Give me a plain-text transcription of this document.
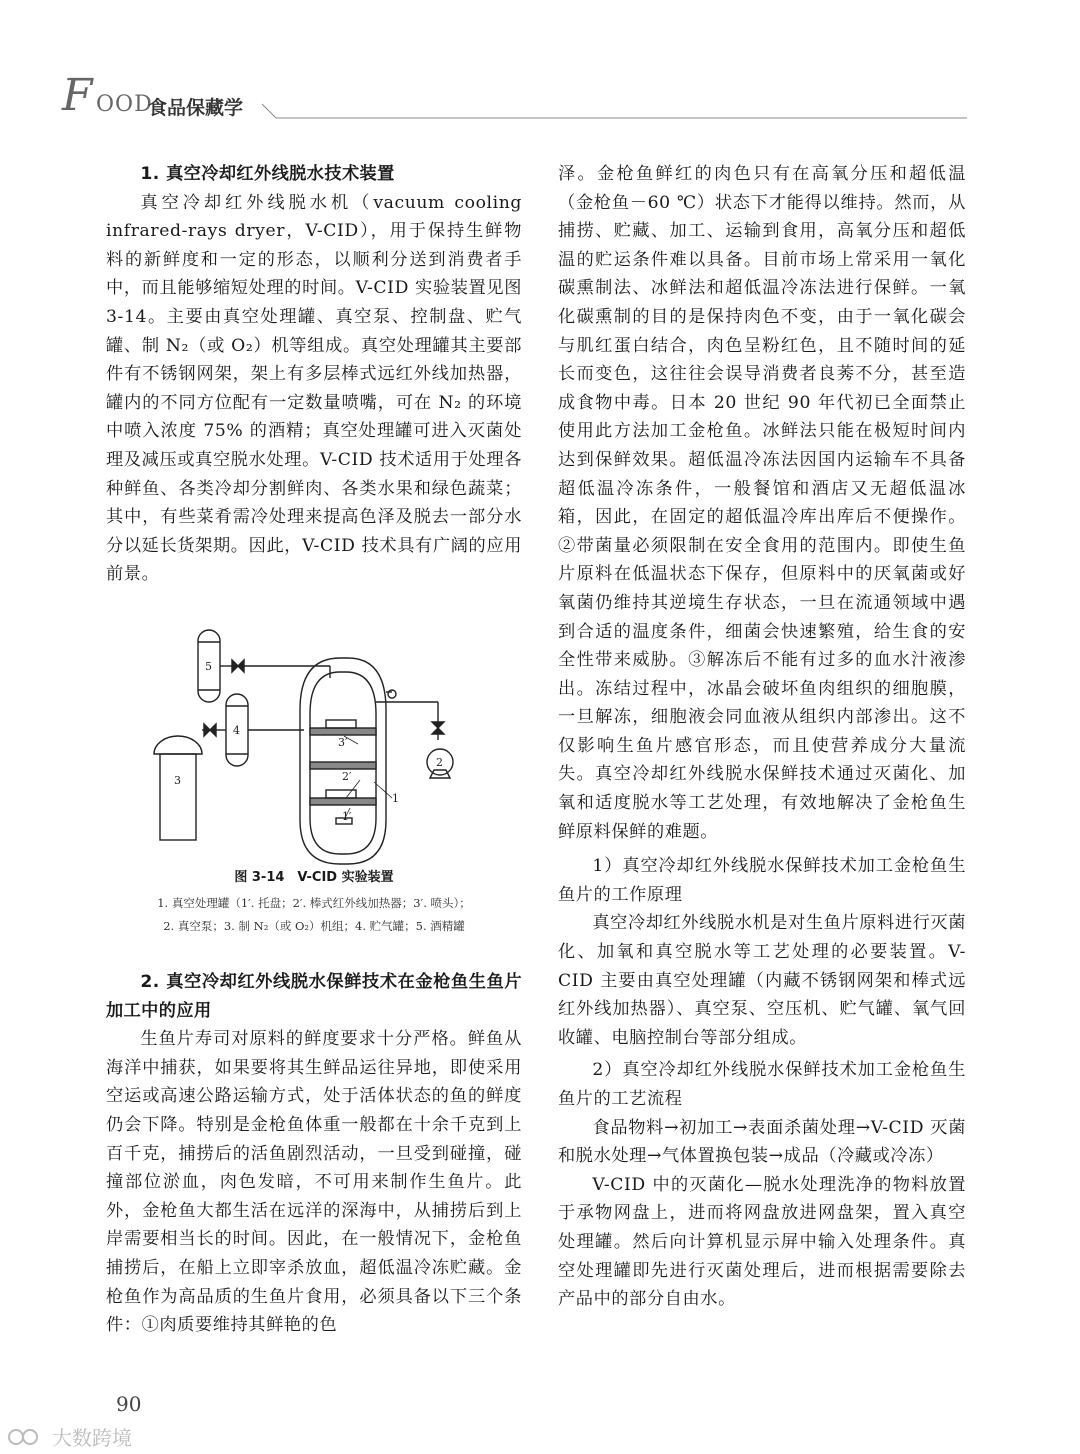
F OOD
食品保藏学
1. 真空冷却红外线脱水技术装置

真空冷却红外线脱水机（vacuum cooling infrared-rays dryer，V-CID），用于保持生鲜物料的新鲜度和一定的形态，以顺利分送到消费者手中，而且能够缩短处理的时间。V-CID 实验装置见图 3-14。主要由真空处理罐、真空泵、控制盘、贮气罐、制 N₂（或 O₂）机等组成。真空处理罐其主要部件有不锈钢网架，架上有多层棒式远红外线加热器，罐内的不同方位配有一定数量喷嘴，可在 N₂ 的环境中喷入浓度 75% 的酒精；真空处理罐可进入灭菌处理及减压或真空脱水处理。V-CID 技术适用于处理各种鲜鱼、各类冷却分割鲜肉、各类水果和绿色蔬菜；其中，有些菜肴需冷处理来提高色泽及脱去一部分水分以延长货架期。因此，V-CID 技术具有广阔的应用前景。

5
4
3
2
1
3′
2′
1′
图 3-14　V-CID 实验装置
1. 真空处理罐（1′. 托盘；2′. 棒式红外线加热器；3′. 喷头）；
2. 真空泵；3. 制 N₂（或 O₂）机组；4. 贮气罐；5. 酒精罐
2. 真空冷却红外线脱水保鲜技术在金枪鱼生鱼片加工中的应用

生鱼片寿司对原料的鲜度要求十分严格。鲜鱼从海洋中捕获，如果要将其生鲜品运往异地，即使采用空运或高速公路运输方式，处于活体状态的鱼的鲜度仍会下降。特别是金枪鱼体重一般都在十余千克到上百千克，捕捞后的活鱼剧烈活动，一旦受到碰撞，碰撞部位淤血，肉色发暗，不可用来制作生鱼片。此外，金枪鱼大都生活在远洋的深海中，从捕捞后到上岸需要相当长的时间。因此，在一般情况下，金枪鱼捕捞后，在船上立即宰杀放血，超低温冷冻贮藏。金枪鱼作为高品质的生鱼片食用，必须具备以下三个条件：①肉质要维持其鲜艳的色

泽。金枪鱼鲜红的肉色只有在高氧分压和超低温（金枪鱼－60 ℃）状态下才能得以维持。然而，从捕捞、贮藏、加工、运输到食用，高氧分压和超低温的贮运条件难以具备。目前市场上常采用一氧化碳熏制法、冰鲜法和超低温冷冻法进行保鲜。一氧化碳熏制的目的是保持肉色不变，由于一氧化碳会与肌红蛋白结合，肉色呈粉红色，且不随时间的延长而变色，这往往会误导消费者良莠不分，甚至造成食物中毒。日本 20 世纪 90 年代初已全面禁止使用此方法加工金枪鱼。冰鲜法只能在极短时间内达到保鲜效果。超低温冷冻法因国内运输车不具备超低温冷冻条件，一般餐馆和酒店又无超低温冰箱，因此，在固定的超低温冷库出库后不便操作。②带菌量必须限制在安全食用的范围内。即使生鱼片原料在低温状态下保存，但原料中的厌氧菌或好氧菌仍维持其逆境生存状态，一旦在流通领域中遇到合适的温度条件，细菌会快速繁殖，给生食的安全性带来威胁。③解冻后不能有过多的血水汁液渗出。冻结过程中，冰晶会破坏鱼肉组织的细胞膜，一旦解冻，细胞液会同血液从组织内部渗出。这不仅影响生鱼片感官形态，而且使营养成分大量流失。真空冷却红外线脱水保鲜技术通过灭菌化、加氧和适度脱水等工艺处理，有效地解决了金枪鱼生鲜原料保鲜的难题。

1）真空冷却红外线脱水保鲜技术加工金枪鱼生鱼片的工作原理

真空冷却红外线脱水机是对生鱼片原料进行灭菌化、加氧和真空脱水等工艺处理的必要装置。V-CID 主要由真空处理罐（内藏不锈钢网架和棒式远红外线加热器）、真空泵、空压机、贮气罐、氧气回收罐、电脑控制台等部分组成。

2）真空冷却红外线脱水保鲜技术加工金枪鱼生鱼片的工艺流程

食品物料→初加工→表面杀菌处理→V-CID 灭菌和脱水处理→气体置换包装→成品（冷藏或冷冻）

V-CID 中的灭菌化—脱水处理洗净的物料放置于承物网盘上，进而将网盘放进网盘架，置入真空处理罐。然后向计算机显示屏中输入处理条件。真空处理罐即先进行灭菌处理后，进而根据需要除去产品中的部分自由水。

90
大数跨境
